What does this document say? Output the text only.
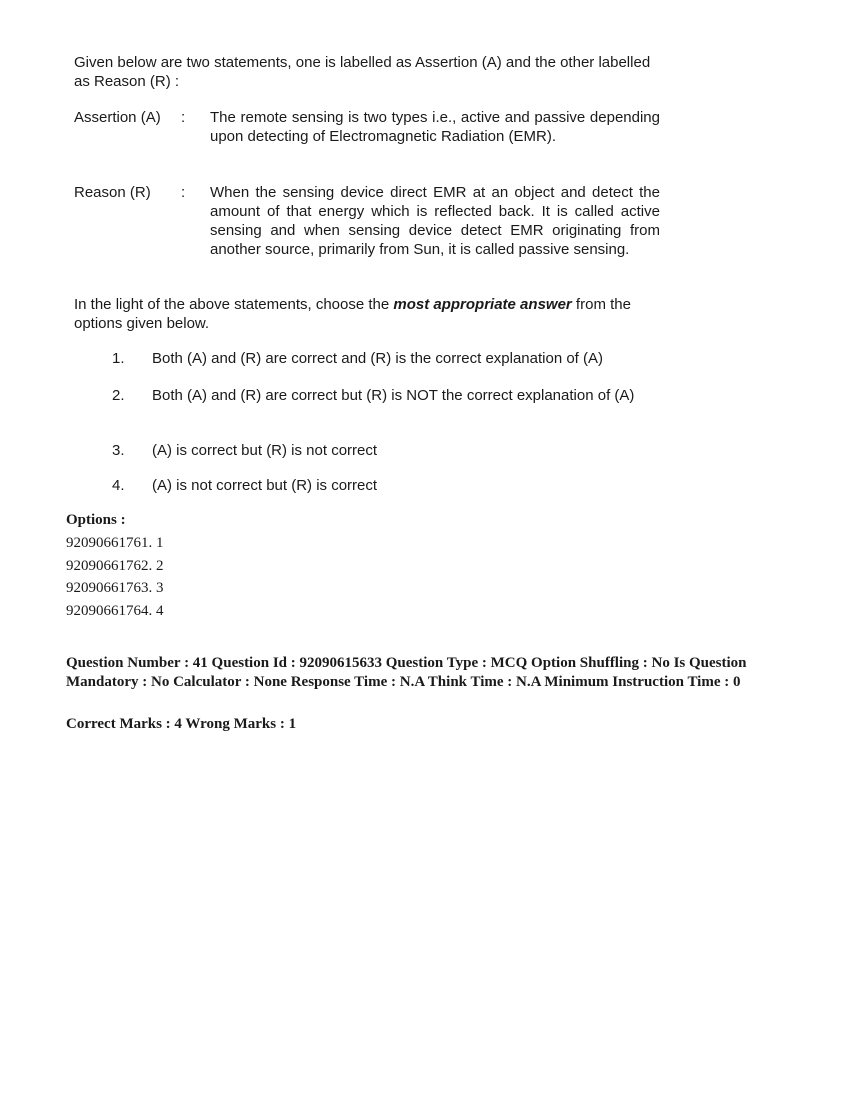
Given below are two statements, one is labelled as Assertion (A) and the other labelled as Reason (R) :
Assertion (A)	:	The remote sensing is two types i.e., active and passive depending upon detecting of Electromagnetic Radiation (EMR).
Reason (R)	:	When the sensing device direct EMR at an object and detect the amount of that energy which is reflected back. It is called active sensing and when sensing device detect EMR originating from another source, primarily from Sun, it is called passive sensing.
In the light of the above statements, choose the most appropriate answer from the options given below.
1.	Both (A) and (R) are correct and (R) is the correct explanation of (A)
2.	Both (A) and (R) are correct but (R) is NOT the correct explanation of (A)
3.	(A) is correct but (R) is not correct
4.	(A) is not correct but (R) is correct
Options :
92090661761. 1
92090661762. 2
92090661763. 3
92090661764. 4
Question Number : 41 Question Id : 92090615633 Question Type : MCQ Option Shuffling : No Is Question Mandatory : No Calculator : None Response Time : N.A Think Time : N.A Minimum Instruction Time : 0
Correct Marks : 4 Wrong Marks : 1
